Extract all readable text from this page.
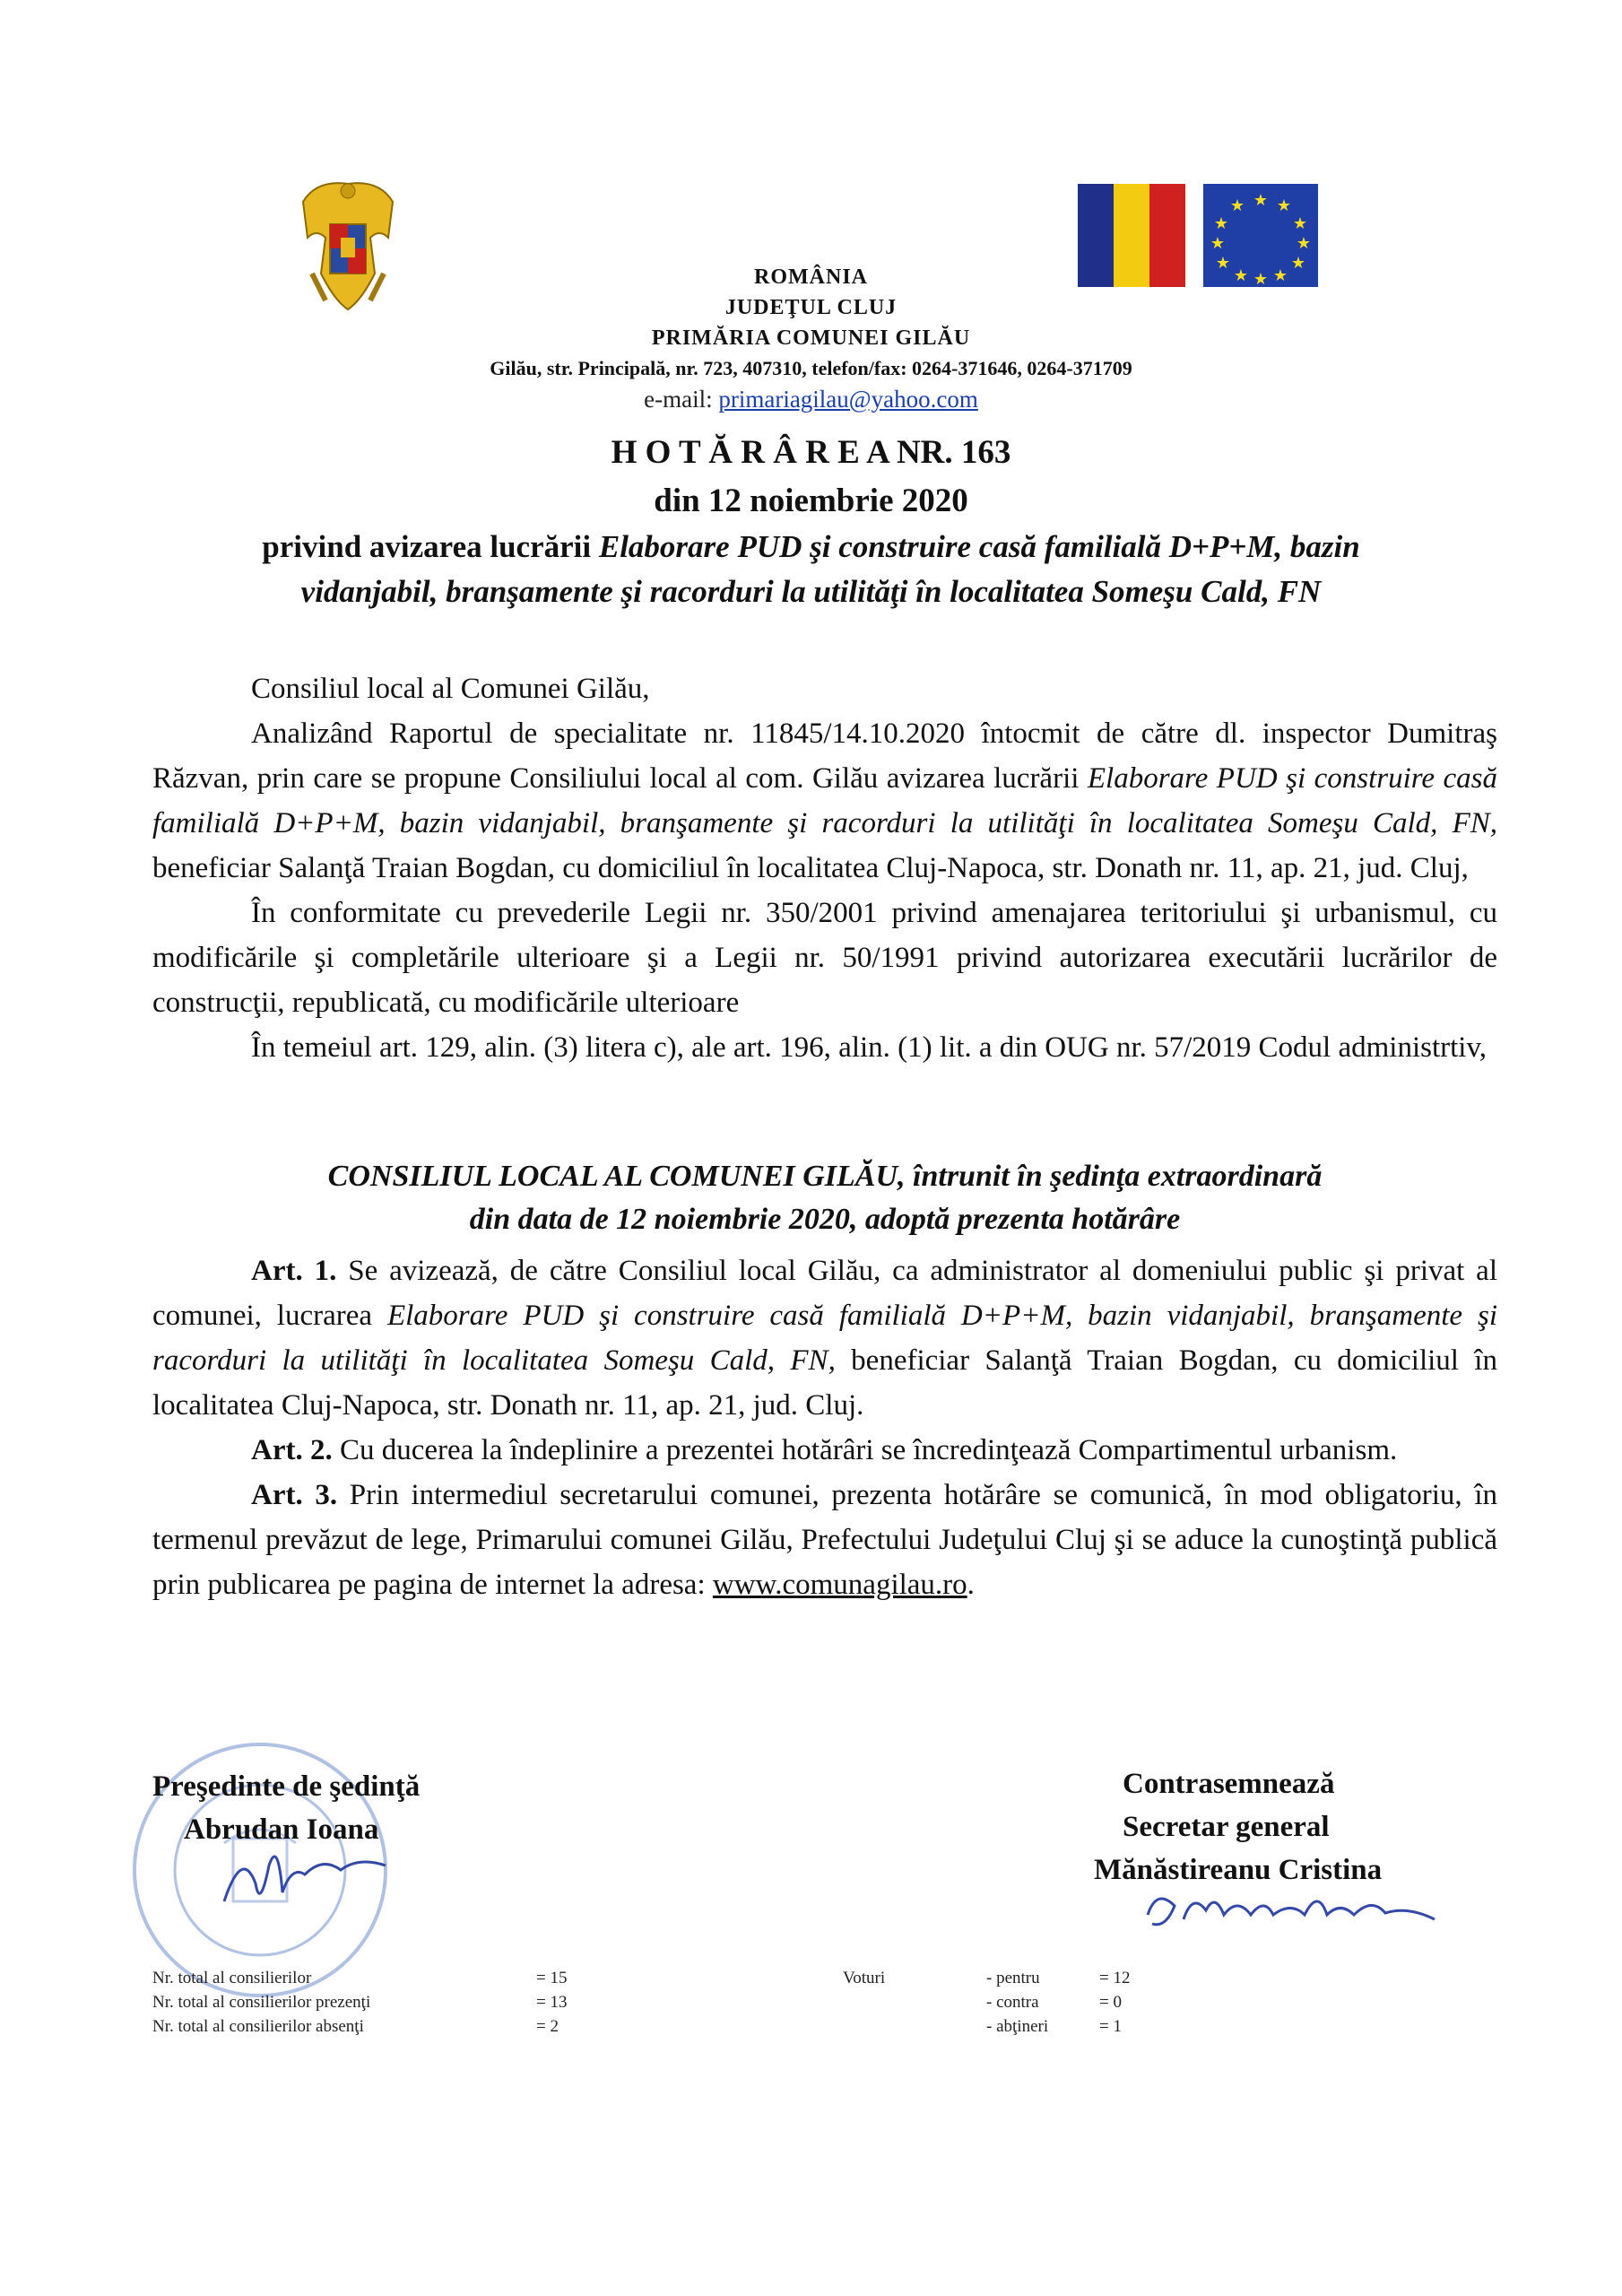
★ ★
★
★
★
★
★
★
★
★
★
★
ROMÂNIA
JUDEŢUL CLUJ
PRIMĂRIA COMUNEI GILĂU
Gilău, str. Principală, nr. 723, 407310, telefon/fax: 0264-371646, 0264-371709
e-mail: primariagilau@yahoo.com
H O T Ă R Â R E A NR. 163
din 12 noiembrie 2020
privind avizarea lucrării Elaborare PUD şi construire casă familială D+P+M, bazin
vidanjabil, branşamente şi racorduri la utilităţi în localitatea Someşu Cald, FN

Consiliul local al Comunei Gilău,

Analizând Raportul de specialitate nr. 11845/14.10.2020 întocmit de către dl. inspector Dumitraş Răzvan, prin care se propune Consiliului local al com. Gilău avizarea lucrării Elaborare PUD şi construire casă familială D+P+M, bazin vidanjabil, branşamente şi racorduri la utilităţi în localitatea Someşu Cald, FN, beneficiar Salanţă Traian Bogdan, cu domiciliul în localitatea Cluj-Napoca, str. Donath nr. 11, ap. 21, jud. Cluj,

În conformitate cu prevederile Legii nr. 350/2001 privind amenajarea teritoriului şi urbanismul, cu modificările şi completările ulterioare şi a Legii nr. 50/1991 privind autorizarea executării lucrărilor de construcţii, republicată, cu modificările ulterioare

În temeiul art. 129, alin. (3) litera c), ale art. 196, alin. (1) lit. a din OUG nr. 57/2019 Codul administrtiv,

CONSILIUL LOCAL AL COMUNEI GILĂU, întrunit în şedinţa extraordinară
din data de 12 noiembrie 2020, adoptă prezenta hotărâre

Art. 1. Se avizează, de către Consiliul local Gilău, ca administrator al domeniului public şi privat al comunei, lucrarea Elaborare PUD şi construire casă familială D+P+M, bazin vidanjabil, branşamente şi racorduri la utilităţi în localitatea Someşu Cald, FN, beneficiar Salanţă Traian Bogdan, cu domiciliul în localitatea Cluj-Napoca, str. Donath nr. 11, ap. 21, jud. Cluj.

Art. 2. Cu ducerea la îndeplinire a prezentei hotărâri se încredinţează Compartimentul urbanism.

Art. 3. Prin intermediul secretarului comunei, prezenta hotărâre se comunică, în mod obligatoriu, în termenul prevăzut de lege, Primarului comunei Gilău, Prefectului Judeţului Cluj şi se aduce la cunoştinţă publică prin publicarea pe pagina de internet la adresa: www.comunagilau.ro.

Preşedinte de şedinţă
Abrudan Ioana
Contrasemnează
Secretar general
Mănăstireanu Cristina
Nr. total al consilierilor
Nr. total al consilierilor prezenţi
Nr. total al consilierilor absenţi
= 15
= 13
= 2
Voturi	- pentru
- contra
- abţineri
= 12
= 0
= 1
